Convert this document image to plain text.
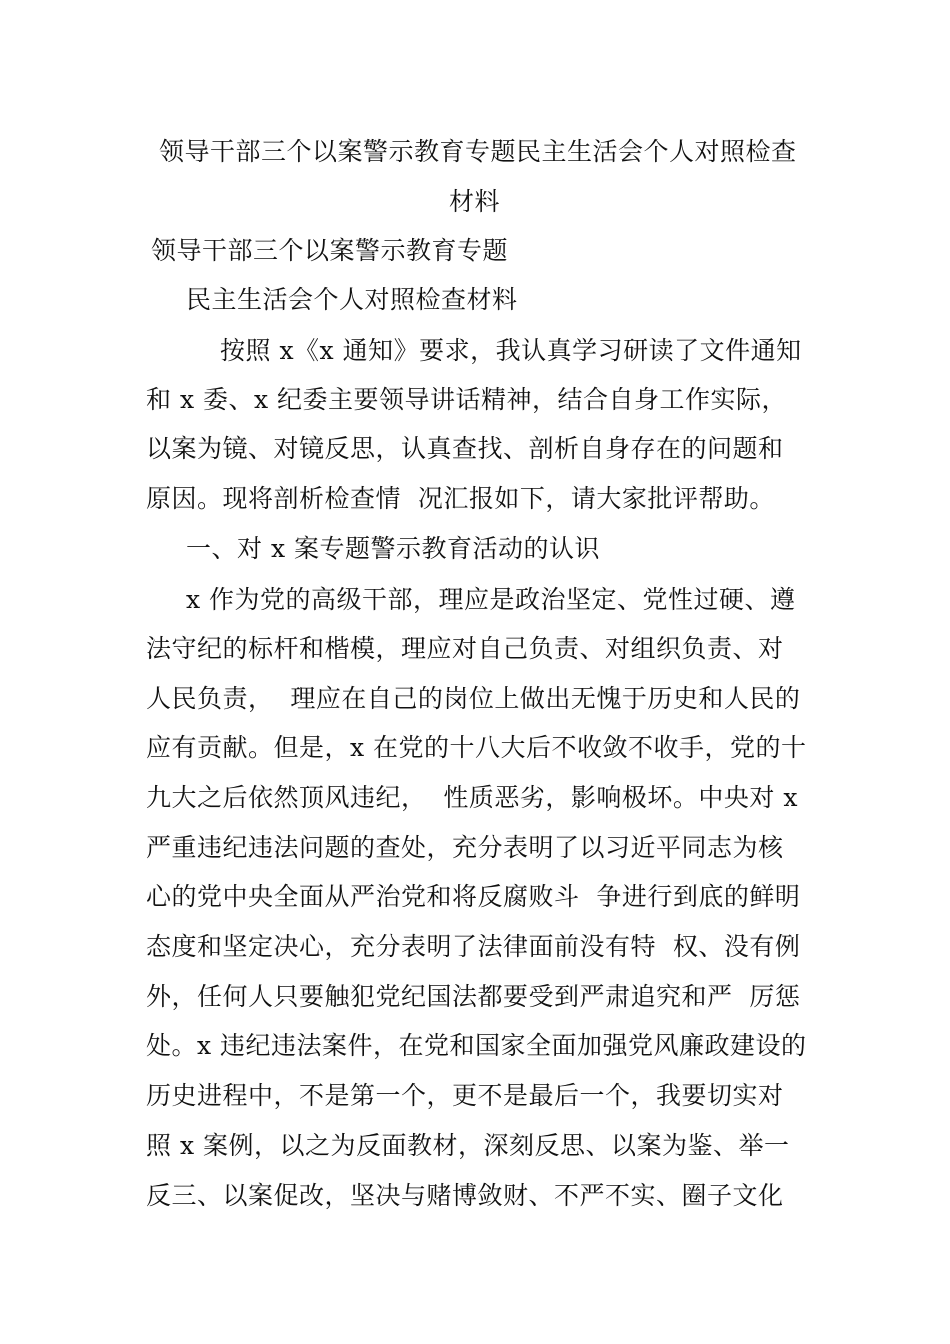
领导干部三个以案警示教育专题民主生活会个人对照检查
材料
领导干部三个以案警示教育专题
民主生活会个人对照检查材料
按照 x《x 通知》要求，我认真学习研读了文件通知
和 x 委、x 纪委主要领导讲话精神，结合自身工作实际，
以案为镜、对镜反思，认真查找、剖析自身存在的问题和
原因。现将剖析检查情  况汇报如下，请大家批评帮助。
一、对 x 案专题警示教育活动的认识
x 作为党的高级干部，理应是政治坚定、党性过硬、遵
法守纪的标杆和楷模，理应对自己负责、对组织负责、对
人民负责，  理应在自己的岗位上做出无愧于历史和人民的
应有贡献。但是，x 在党的十八大后不收敛不收手，党的十
九大之后依然顶风违纪，  性质恶劣，影响极坏。中央对 x
严重违纪违法问题的查处，充分表明了以习近平同志为核
心的党中央全面从严治党和将反腐败斗  争进行到底的鲜明
态度和坚定决心，充分表明了法律面前没有特  权、没有例
外，任何人只要触犯党纪国法都要受到严肃追究和严  厉惩
处。x 违纪违法案件，在党和国家全面加强党风廉政建设的
历史进程中，不是第一个，更不是最后一个，我要切实对
照 x 案例，以之为反面教材，深刻反思、以案为鉴、举一
反三、以案促改，坚决与赌博敛财、不严不实、圈子文化
